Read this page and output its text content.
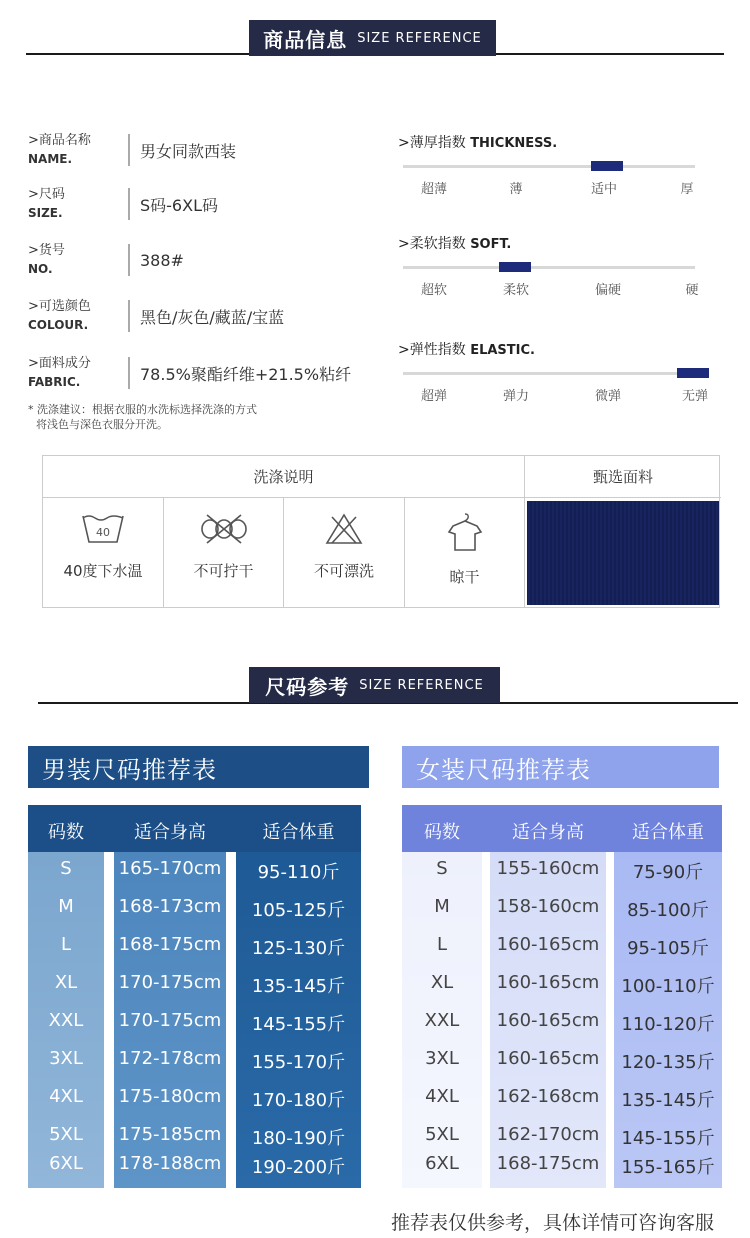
商品信息 SIZE REFERENCE
>商品名称
NAME.	男女同款西装
>尺码
SIZE.	S码-6XL码
>货号
NO.	388#
>可选颜色
COLOUR.	黑色/灰色/藏蓝/宝蓝
>面料成分
FABRIC.	78.5%聚酯纤维+21.5%粘纤
* 洗涤建议：根据衣服的水洗标选择洗涤的方式
将浅色与深色衣服分开洗。
>薄厚指数 THICKNESS.
超薄	薄	适中	厚
>柔软指数 SOFT.
超软	柔软	偏硬	硬
>弹性指数 ELASTIC.
超弹	弹力	微弹	无弹
洗涤说明	甄选面料
40
40度下水温	不可拧干	不可漂洗	晾干
尺码参考 SIZE REFERENCE
男装尺码推荐表
码数	适合身高	适合体重
S	165-170cm	95-110斤
M	168-173cm	105-125斤
L	168-175cm	125-130斤
XL	170-175cm	135-145斤
XXL	170-175cm	145-155斤
3XL	172-178cm	155-170斤
4XL	175-180cm	170-180斤
5XL	175-185cm	180-190斤
6XL	178-188cm	190-200斤
女装尺码推荐表
码数	适合身高	适合体重
S	155-160cm	75-90斤
M	158-160cm	85-100斤
L	160-165cm	95-105斤
XL	160-165cm	100-110斤
XXL	160-165cm	110-120斤
3XL	160-165cm	120-135斤
4XL	162-168cm	135-145斤
5XL	162-170cm	145-155斤
6XL	168-175cm	155-165斤
推荐表仅供参考，具体详情可咨询客服
